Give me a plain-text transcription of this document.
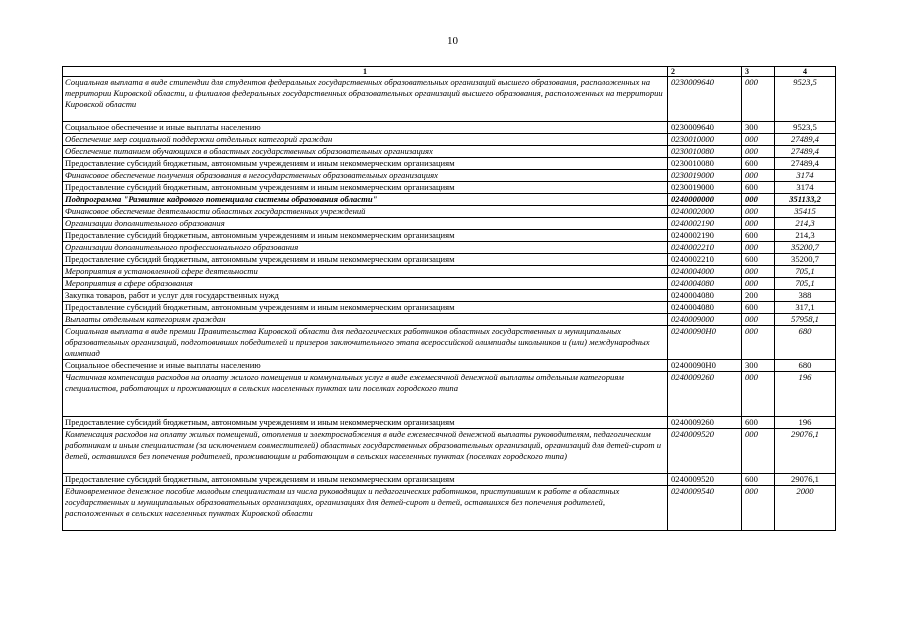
10
1	2	3	4
Социальная выплата в виде стипендии для студентов федеральных государственных образовательных организаций высшего образования, расположенных на территории Кировской области, и филиалов федеральных государственных образовательных организаций высшего образования, расположенных на территории Кировской области	0230009640	000	9523,5
Социальное обеспечение и иные выплаты населению	0230009640	300	9523,5
Обеспечение мер социальной поддержки отдельных категорий граждан	0230010000	000	27489,4
Обеспечение питанием обучающихся в областных государственных образовательных организациях	0230010080	000	27489,4
Предоставление субсидий бюджетным, автономным учреждениям и иным некоммерческим организациям	0230010080	600	27489,4
Финансовое обеспечение получения образования в негосударственных образовательных организациях	0230019000	000	3174
Предоставление субсидий бюджетным, автономным учреждениям и иным некоммерческим организациям	0230019000	600	3174
Подпрограмма "Развитие кадрового потенциала системы образования области"	0240000000	000	351133,2
Финансовое обеспечение деятельности областных государственных учреждений	0240002000	000	35415
Организации дополнительного образования	0240002190	000	214,3
Предоставление субсидий бюджетным, автономным учреждениям и иным некоммерческим организациям	0240002190	600	214,3
Организации дополнительного профессионального образования	0240002210	000	35200,7
Предоставление субсидий бюджетным, автономным учреждениям и иным некоммерческим организациям	0240002210	600	35200,7
Мероприятия в установленной сфере деятельности	0240004000	000	705,1
Мероприятия в сфере образования	0240004080	000	705,1
Закупка товаров, работ и услуг для государственных нужд	0240004080	200	388
Предоставление субсидий бюджетным, автономным учреждениям и иным некоммерческим организациям	0240004080	600	317,1
Выплаты отдельным категориям граждан	0240009000	000	57958,1
Социальная выплата в виде премии Правительства Кировской области для педагогических работников областных государственных и муниципальных образовательных организаций, подготовивших победителей и призеров заключительного этапа всероссийской олимпиады школьников и (или) международных олимпиад	02400090Н0	000	680
Социальное обеспечение и иные выплаты населению	02400090Н0	300	680
Частичная компенсация расходов на оплату жилого помещения и коммунальных услуг в виде ежемесячной денежной выплаты отдельным категориям специалистов, работающих и проживающих в сельских населенных пунктах или поселках городского типа	0240009260	000	196
Предоставление субсидий бюджетным, автономным учреждениям и иным некоммерческим организациям	0240009260	600	196
Компенсация расходов на оплату жилых помещений, отопления и электроснабжения в виде ежемесячной денежной выплаты руководителям, педагогическим работникам и иным специалистам (за исключением совместителей) областных государственных образовательных организаций, организаций для детей-сирот и детей, оставшихся без попечения родителей, проживающим и работающим в сельских населенных пунктах (поселках городского типа)	0240009520	000	29076,1
Предоставление субсидий бюджетным, автономным учреждениям и иным некоммерческим организациям	0240009520	600	29076,1
Единовременное денежное пособие молодым специалистам из числа руководящих и педагогических работников, приступившим к работе в областных государственных и муниципальных образовательных организациях, организациях для детей-сирот и детей, оставшихся без попечения родителей, расположенных в сельских населенных пунктах Кировской области	0240009540	000	2000
